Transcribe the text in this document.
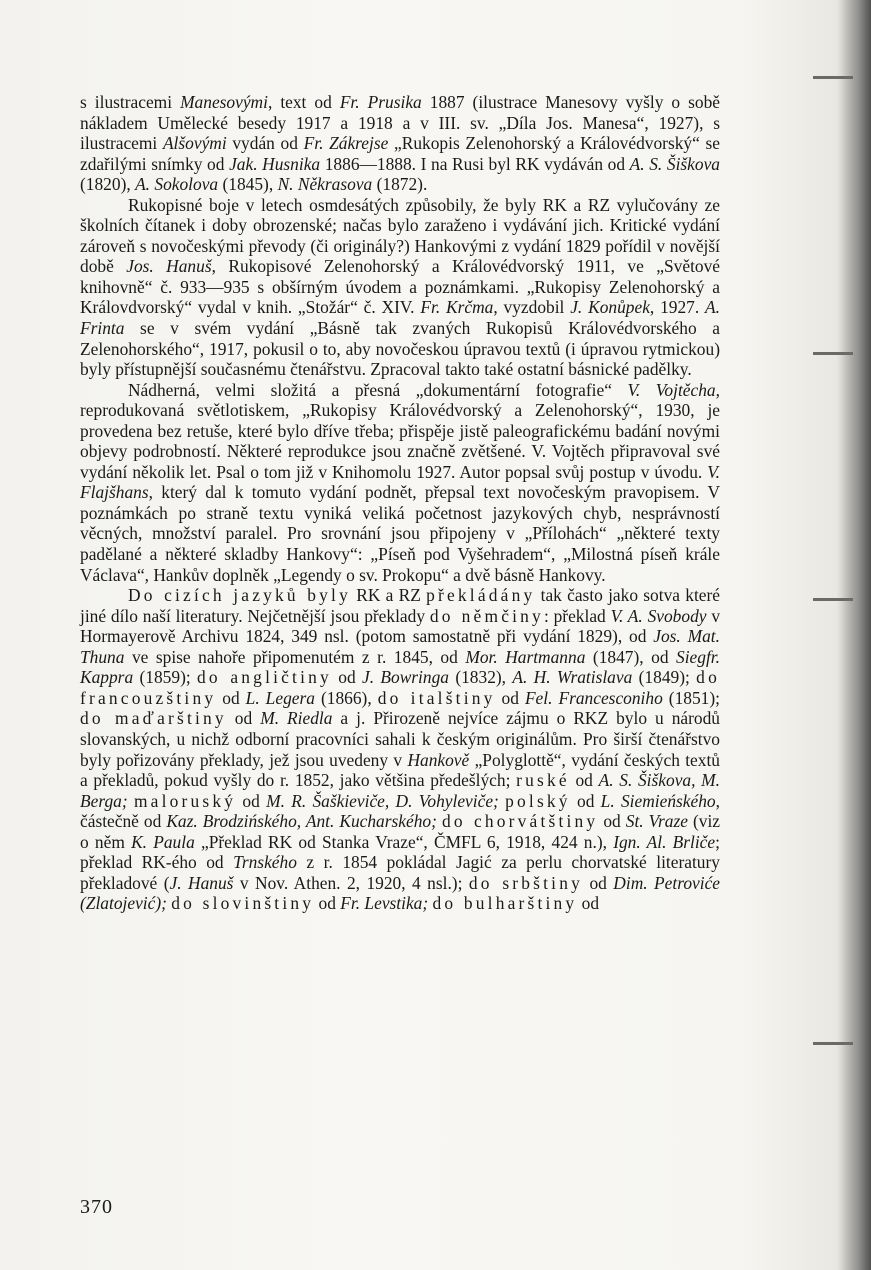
s ilustracemi Manesovými, text od Fr. Prusika 1887 (ilustrace Manesovy vyšly o sobě nákladem Umělecké besedy 1917 a 1918 a v III. sv. „Díla Jos. Manesa“, 1927), s ilustracemi Alšovými vydán od Fr. Zákrejse „Rukopis Zelenohorský a Královédvorský“ se zdařilými snímky od Jak. Husnika 1886—1888. I na Rusi byl RK vydáván od A. S. Šiškova (1820), A. Sokolova (1845), N. Někrasova (1872).

Rukopisné boje v letech osmdesátých způsobily, že byly RK a RZ vylučovány ze školních čítanek i doby obrozenské; načas bylo zaraženo i vydávání jich. Kritické vydání zároveň s novočeskými převody (či originály?) Hankovými z vydání 1829 pořídil v novější době Jos. Hanuš, Rukopisové Zelenohorský a Královédvorský 1911, ve „Světové knihovně“ č. 933—935 s obšírným úvodem a poznámkami. „Rukopisy Zelenohorský a Královdvorský“ vydal v knih. „Stožár“ č. XIV. Fr. Krčma, vyzdobil J. Konůpek, 1927. A. Frinta se v svém vydání „Básně tak zvaných Rukopisů Královédvorského a Zelenohorského“, 1917, pokusil o to, aby novočeskou úpravou textů (i úpravou rytmickou) byly přístupnější současnému čtenářstvu. Zpracoval takto také ostatní básnické padělky.

Nádherná, velmi složitá a přesná „dokumentární fotografie“ V. Vojtěcha, reprodukovaná světlotiskem, „Rukopisy Královédvorský a Zelenohorský“, 1930, je provedena bez retuše, které bylo dříve třeba; přispěje jistě paleografickému badání novými objevy podrobností. Některé reprodukce jsou značně zvětšené. V. Vojtěch připravoval své vydání několik let. Psal o tom již v Knihomolu 1927. Autor popsal svůj postup v úvodu. V. Flajšhans, který dal k tomuto vydání podnět, přepsal text novočeským pravopisem. V poznámkách po straně textu vyniká veliká početnost jazykových chyb, nesprávností věcných, množství paralel. Pro srovnání jsou připojeny v „Přílohách“ „některé texty padělané a některé skladby Hankovy“: „Píseň pod Vyšehradem“, „Milostná píseň krále Václava“, Hankův doplněk „Legendy o sv. Prokopu“ a dvě básně Hankovy.

Do cizích jazyků byly RK a RZ překládány tak často jako sotva které jiné dílo naší literatury. Nejčetnější jsou překlady do němčiny: překlad V. A. Svobody v Hormayerově Archivu 1824, 349 nsl. (potom samostatně při vydání 1829), od Jos. Mat. Thuna ve spise nahoře připomenutém z r. 1845, od Mor. Hartmanna (1847), od Siegfr. Kappra (1859); do angličtiny od J. Bowringa (1832), A. H. Wratislava (1849); do francouzštiny od L. Legera (1866), do italštiny od Fel. Francesconiho (1851); do maďarštiny od M. Riedla a j. Přirozeně nejvíce zájmu o RKZ bylo u národů slovanských, u nichž odborní pracovníci sahali k českým originálům. Pro širší čtenářstvo byly pořizovány překlady, jež jsou uvedeny v Hankově „Polyglottě“, vydání českých textů a překladů, pokud vyšly do r. 1852, jako většina předešlých; ruské od A. S. Šiškova, M. Berga; maloruský od M. R. Šaškieviče, D. Vohyleviče; polský od L. Siemieńského, částečně od Kaz. Brodzińského, Ant. Kucharského; do chorvátštiny od St. Vraze (viz o něm K. Paula „Překlad RK od Stanka Vraze“, ČMFL 6, 1918, 424 n.), Ign. Al. Brliče; překlad RK-ého od Trnského z r. 1854 pokládal Jagić za perlu chorvatské literatury překladové (J. Hanuš v Nov. Athen. 2, 1920, 4 nsl.); do srbštiny od Dim. Petroviće (Zlatojević); do slovinštiny od Fr. Levstika; do bulharštiny od

370
